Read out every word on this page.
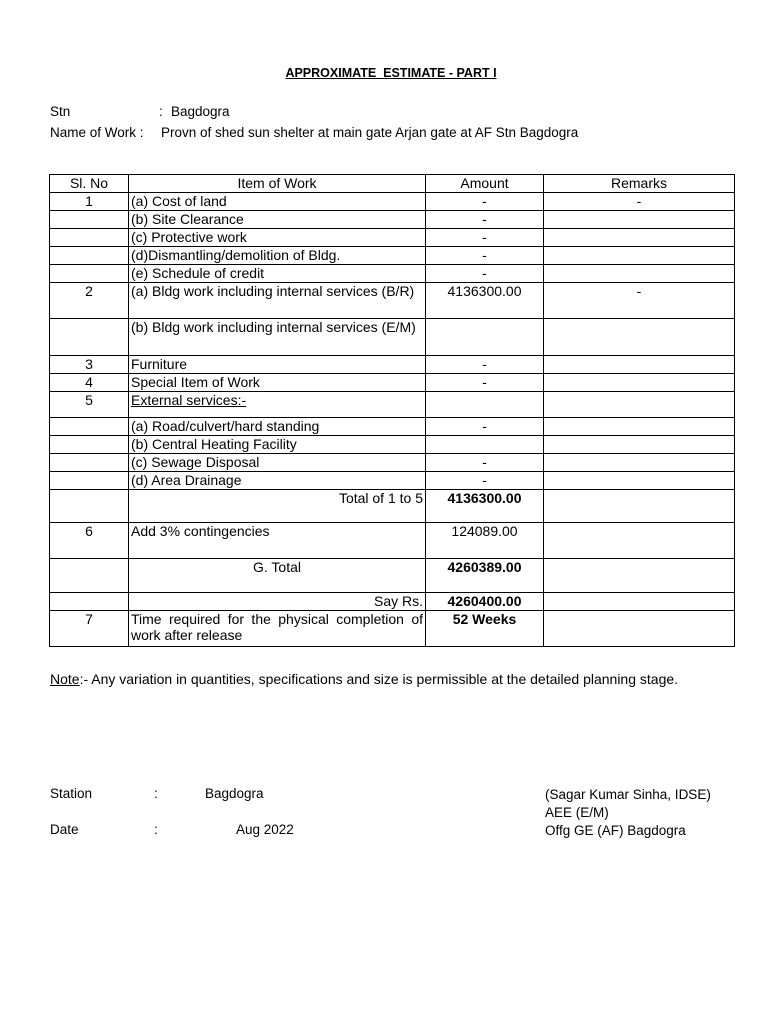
APPROXIMATE  ESTIMATE - PART I
Stn	: Bagdogra
Name of Work : Provn of shed sun shelter at main gate Arjan gate at AF Stn Bagdogra
Sl. No	Item of Work	Amount	Remarks
1	(a) Cost of land	-	-
	(b) Site Clearance	-	
	(c) Protective work	-	
	(d)Dismantling/demolition of Bldg.	-	
	(e) Schedule of credit	-	
2	(a) Bldg work including internal services (B/R)	4136300.00	-
	(b) Bldg work including internal services (E/M)		
3	Furniture	-	
4	Special Item of Work	-	
5	External services:-		
	(a) Road/culvert/hard standing	-	
	(b) Central Heating Facility		
	(c) Sewage Disposal	-	
	(d) Area Drainage	-	
	Total of 1 to 5	4136300.00	
6	Add 3% contingencies	124089.00	
	G. Total	4260389.00	
	Say Rs.	4260400.00	
7	Time required for the physical completion of work after release	52 Weeks	
Note:- Any variation in quantities, specifications and size is permissible at the detailed planning stage.
Station	:	Bagdogra
Date	:	Aug 2022
(Sagar Kumar Sinha, IDSE)
AEE (E/M)
Offg GE (AF) Bagdogra
